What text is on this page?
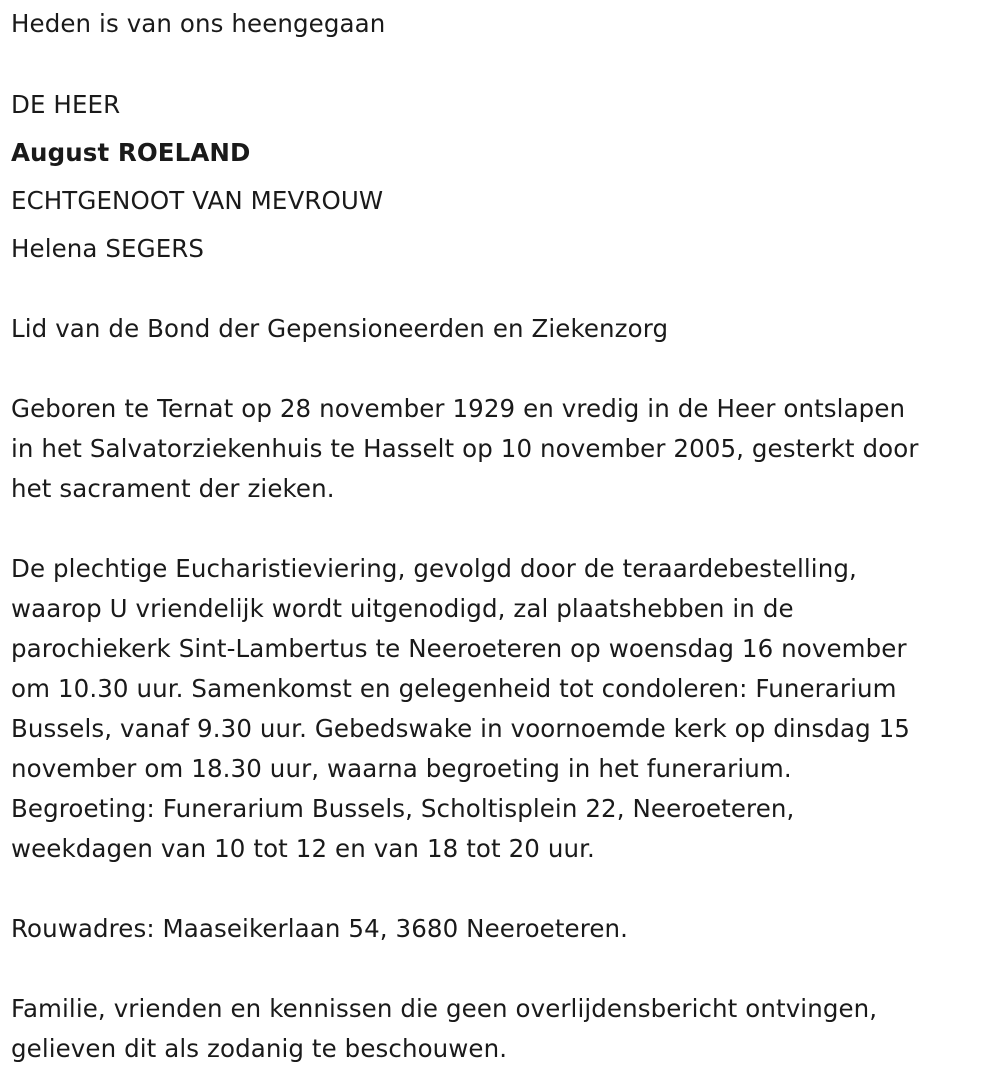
Heden is van ons heengegaan
DE HEER
August ROELAND
ECHTGENOOT VAN MEVROUW
Helena SEGERS
Lid van de Bond der Gepensioneerden en Ziekenzorg
Geboren te Ternat op 28 november 1929 en vredig in de Heer ontslapen
in het Salvatorziekenhuis te Hasselt op 10 november 2005, gesterkt door
het sacrament der zieken.
De plechtige Eucharistieviering, gevolgd door de teraardebestelling,
waarop U vriendelijk wordt uitgenodigd, zal plaatshebben in de
parochiekerk Sint-Lambertus te Neeroeteren op woensdag 16 november
om 10.30 uur. Samenkomst en gelegenheid tot condoleren: Funerarium
Bussels, vanaf 9.30 uur. Gebedswake in voornoemde kerk op dinsdag 15
november om 18.30 uur, waarna begroeting in het funerarium.
Begroeting: Funerarium Bussels, Scholtisplein 22, Neeroeteren,
weekdagen van 10 tot 12 en van 18 tot 20 uur.
Rouwadres: Maaseikerlaan 54, 3680 Neeroeteren.
Familie, vrienden en kennissen die geen overlijdensbericht ontvingen,
gelieven dit als zodanig te beschouwen.
